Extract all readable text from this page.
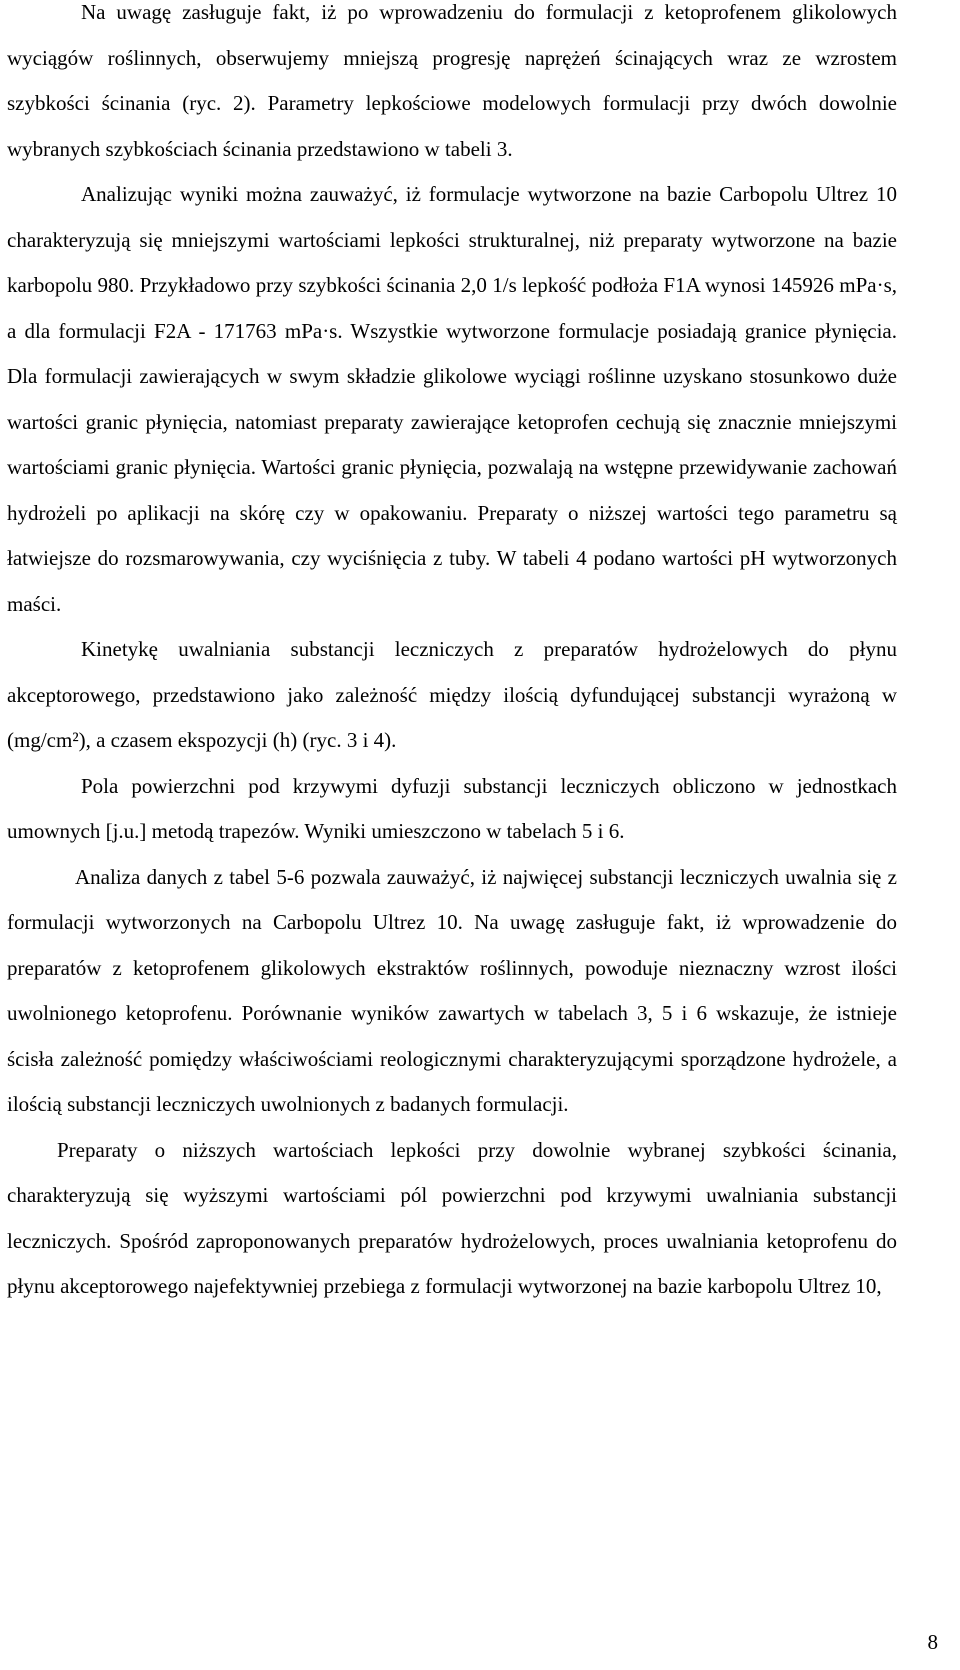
Na uwagę zasługuje fakt, iż po wprowadzeniu do formulacji z ketoprofenem glikolowych wyciągów roślinnych, obserwujemy mniejszą progresję naprężeń ścinających wraz ze wzrostem szybkości ścinania (ryc. 2). Parametry lepkościowe modelowych formulacji przy dwóch dowolnie wybranych szybkościach ścinania przedstawiono w tabeli 3.

Analizując wyniki można zauważyć, iż formulacje wytworzone na bazie Carbopolu Ultrez 10 charakteryzują się mniejszymi wartościami lepkości strukturalnej, niż preparaty wytworzone na bazie karbopolu 980. Przykładowo przy szybkości ścinania 2,0 1/s lepkość podłoża F1A wynosi 145926 mPa·s, a dla formulacji F2A - 171763 mPa·s. Wszystkie wytworzone formulacje posiadają granice płynięcia. Dla formulacji zawierających w swym składzie glikolowe wyciągi roślinne uzyskano stosunkowo duże wartości granic płynięcia, natomiast preparaty zawierające ketoprofen cechują się znacznie mniejszymi wartościami granic płynięcia. Wartości granic płynięcia, pozwalają na wstępne przewidywanie zachowań hydrożeli po aplikacji na skórę czy w opakowaniu. Preparaty o niższej wartości tego parametru są łatwiejsze do rozsmarowywania, czy wyciśnięcia z tuby. W tabeli 4 podano wartości pH wytworzonych maści.

Kinetykę uwalniania substancji leczniczych z preparatów hydrożelowych do płynu akceptorowego, przedstawiono jako zależność między ilością dyfundującej substancji wyrażoną w (mg/cm²), a czasem ekspozycji (h) (ryc. 3 i 4).

Pola powierzchni pod krzywymi dyfuzji substancji leczniczych obliczono w jednostkach umownych [j.u.] metodą trapezów. Wyniki umieszczono w tabelach 5 i 6.

Analiza danych z tabel 5-6 pozwala zauważyć, iż najwięcej substancji leczniczych uwalnia się z formulacji wytworzonych na Carbopolu Ultrez 10. Na uwagę zasługuje fakt, iż wprowadzenie do preparatów z ketoprofenem glikolowych ekstraktów roślinnych, powoduje nieznaczny wzrost ilości uwolnionego ketoprofenu. Porównanie wyników zawartych w tabelach 3, 5 i 6 wskazuje, że istnieje ścisła zależność pomiędzy właściwościami reologicznymi charakteryzującymi sporządzone hydrożele, a ilością substancji leczniczych uwolnionych z badanych formulacji.

Preparaty o niższych wartościach lepkości przy dowolnie wybranej szybkości ścinania, charakteryzują się wyższymi wartościami pól powierzchni pod krzywymi uwalniania substancji leczniczych. Spośród zaproponowanych preparatów hydrożelowych, proces uwalniania ketoprofenu do płynu akceptorowego najefektywniej przebiega z formulacji wytworzonej na bazie karbopolu Ultrez 10,

8
